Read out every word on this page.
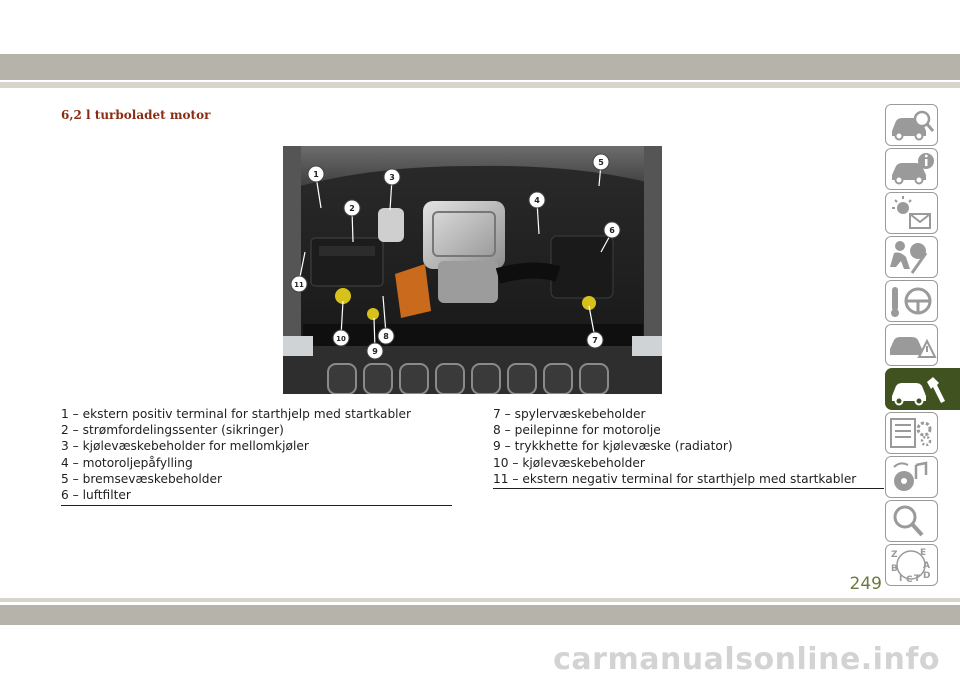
6,2 l turboladet motor
1
2
3
4
5
6
7
8
9
10
11
1 – ekstern positiv terminal for starthjelp med startkabler
2 – strømfordelingssenter (sikringer)
3 – kjølevæskebeholder for mellomkjøler
4 – motoroljepåfylling
5 – bremsevæskebeholder
6 – luftfilter
7 – spylervæskebeholder
8 – peilepinne for motorolje
9 – trykkhette for kjølevæske (radiator)
10 – kjølevæskebeholder
11 – ekstern negativ terminal for starthjelp med startkabler
Z E
B	A
I C T D
249
carmanualsonline.info
